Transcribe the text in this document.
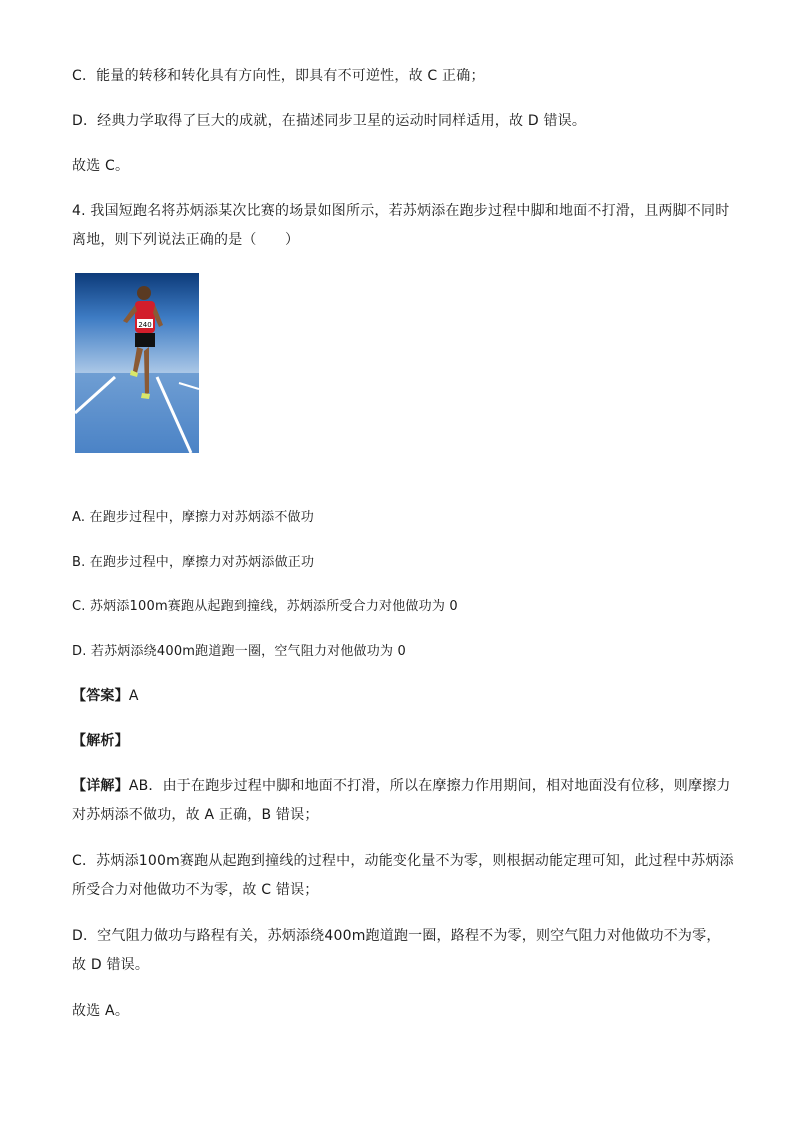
C．能量的转移和转化具有方向性，即具有不可逆性，故 C 正确；
D．经典力学取得了巨大的成就，在描述同步卫星的运动时同样适用，故 D 错误。
故选 C。
4. 我国短跑名将苏炳添某次比赛的场景如图所示，若苏炳添在跑步过程中脚和地面不打滑，且两脚不同时
离地，则下列说法正确的是（　　）
240
A. 在跑步过程中，摩擦力对苏炳添不做功
B. 在跑步过程中，摩擦力对苏炳添做正功
C. 苏炳添100m赛跑从起跑到撞线，苏炳添所受合力对他做功为 0
D. 若苏炳添绕400m跑道跑一圈，空气阻力对他做功为 0
【答案】A
【解析】
【详解】AB．由于在跑步过程中脚和地面不打滑，所以在摩擦力作用期间，相对地面没有位移，则摩擦力
对苏炳添不做功，故 A 正确，B 错误；
C．苏炳添100m赛跑从起跑到撞线的过程中，动能变化量不为零，则根据动能定理可知，此过程中苏炳添
所受合力对他做功不为零，故 C 错误；
D．空气阻力做功与路程有关，苏炳添绕400m跑道跑一圈，路程不为零，则空气阻力对他做功不为零，
故 D 错误。
故选 A。
